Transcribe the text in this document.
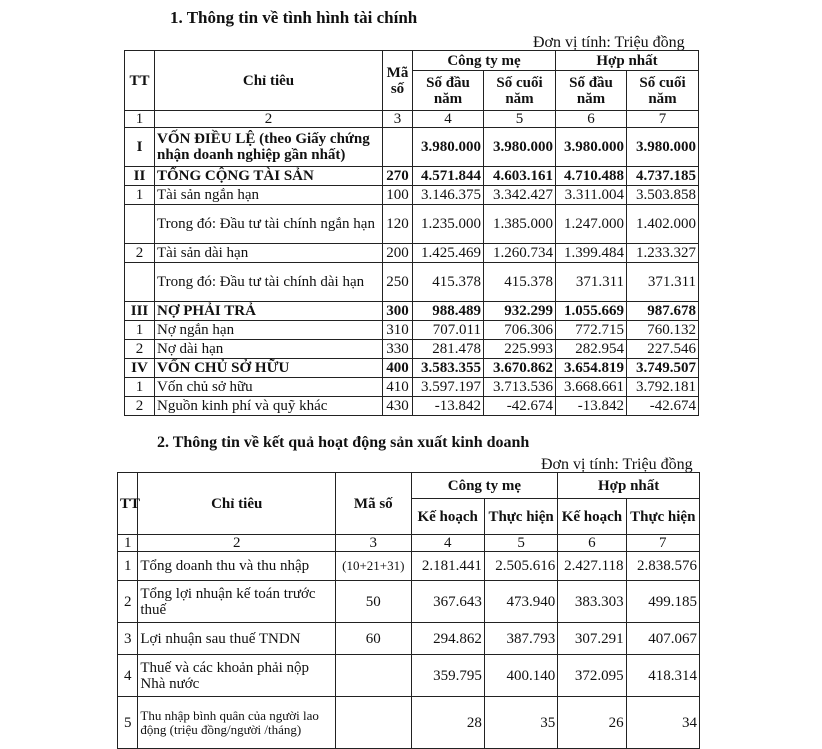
1. Thông tin về tình hình tài chính
Đơn vị tính: Triệu đồng
TT	Chỉ tiêu	Mã số	Công ty mẹ		Hợp nhất	
			Số đầu năm	Số cuối năm	Số đầu năm	Số cuối năm
1	2	3	4	5	6	7
I	VỐN ĐIỀU LỆ (theo Giấy chứng nhận doanh nghiệp gần nhất)		3.980.000	3.980.000	3.980.000	3.980.000
II	TỔNG CỘNG TÀI SẢN	270	4.571.844	4.603.161	4.710.488	4.737.185
1	Tài sản ngắn hạn	100	3.146.375	3.342.427	3.311.004	3.503.858
	Trong đó: Đầu tư tài chính ngắn hạn	120	1.235.000	1.385.000	1.247.000	1.402.000
2	Tài sản dài hạn	200	1.425.469	1.260.734	1.399.484	1.233.327
	Trong đó: Đầu tư tài chính dài hạn	250	415.378	415.378	371.311	371.311
III	NỢ PHẢI TRẢ	300	988.489	932.299	1.055.669	987.678
1	Nợ ngắn hạn	310	707.011	706.306	772.715	760.132
2	Nợ dài hạn	330	281.478	225.993	282.954	227.546
IV	VỐN CHỦ SỞ HỮU	400	3.583.355	3.670.862	3.654.819	3.749.507
1	Vốn chủ sở hữu	410	3.597.197	3.713.536	3.668.661	3.792.181
2	Nguồn kinh phí và quỹ khác	430	-13.842	-42.674	-13.842	-42.674
2. Thông tin về kết quả hoạt động sản xuất kinh doanh
Đơn vị tính: Triệu đồng
TT	Chỉ tiêu	Mã số	Công ty mẹ		Hợp nhất	
			Kế hoạch	Thực hiện	Kế hoạch	Thực hiện
1	2	3	4	5	6	7
1	Tổng doanh thu và thu nhập	(10+21+31)	2.181.441	2.505.616	2.427.118	2.838.576
2	Tổng lợi nhuận kế toán trước thuế	50	367.643	473.940	383.303	499.185
3	Lợi nhuận sau thuế TNDN	60	294.862	387.793	307.291	407.067
4	Thuế và các khoản phải nộp Nhà nước		359.795	400.140	372.095	418.314
5	Thu nhập bình quân của người lao động (triệu đồng/người /tháng)		28	35	26	34
